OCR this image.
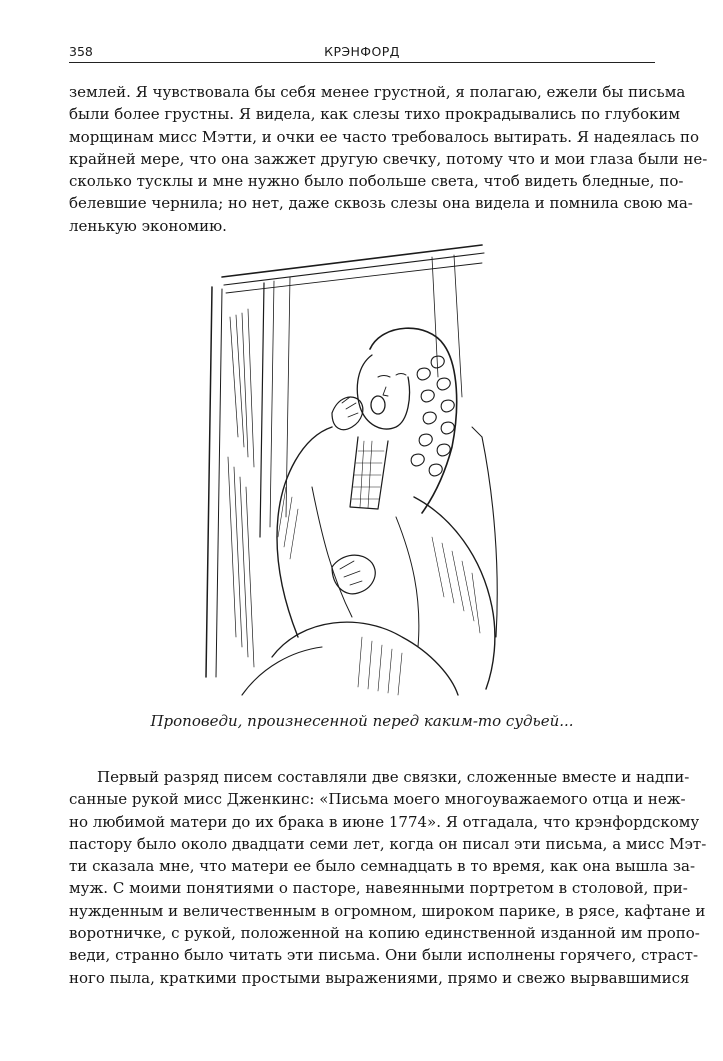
358	КРЭНФОРД
землей. Я чувствовала бы себя менее грустной, я полагаю, ежели бы письма
были более грустны. Я видела, как слезы тихо прокрадывались по глубоким
морщинам мисс Мэтти, и очки ее часто требовалось вытирать. Я надеялась по
крайней мере, что она зажжет другую свечку, потому что и мои глаза были не-
сколько тусклы и мне нужно было побольше света, чтоб видеть бледные, по-
белевшие чернила; но нет, даже сквозь слезы она видела и помнила свою ма-
ленькую экономию.
Проповеди, произнесенной перед каким-то судьей...
Первый разряд писем составляли две связки, сложенные вместе и надпи-
санные рукой мисс Дженкинс: «Письма моего многоуважаемого отца и неж-
но любимой матери до их брака в июне 1774». Я отгадала, что крэнфордскому
пастору было около двадцати семи лет, когда он писал эти письма, а мисс Мэт-
ти сказала мне, что матери ее было семнадцать в то время, как она вышла за-
муж. С моими понятиями о пасторе, навеянными портретом в столовой, при-
нужденным и величественным в огромном, широком парике, в рясе, кафтане и
воротничке, с рукой, положенной на копию единственной изданной им пропо-
веди, странно было читать эти письма. Они были исполнены горячего, страст-
ного пыла, краткими простыми выражениями, прямо и свежо вырвавшимися
